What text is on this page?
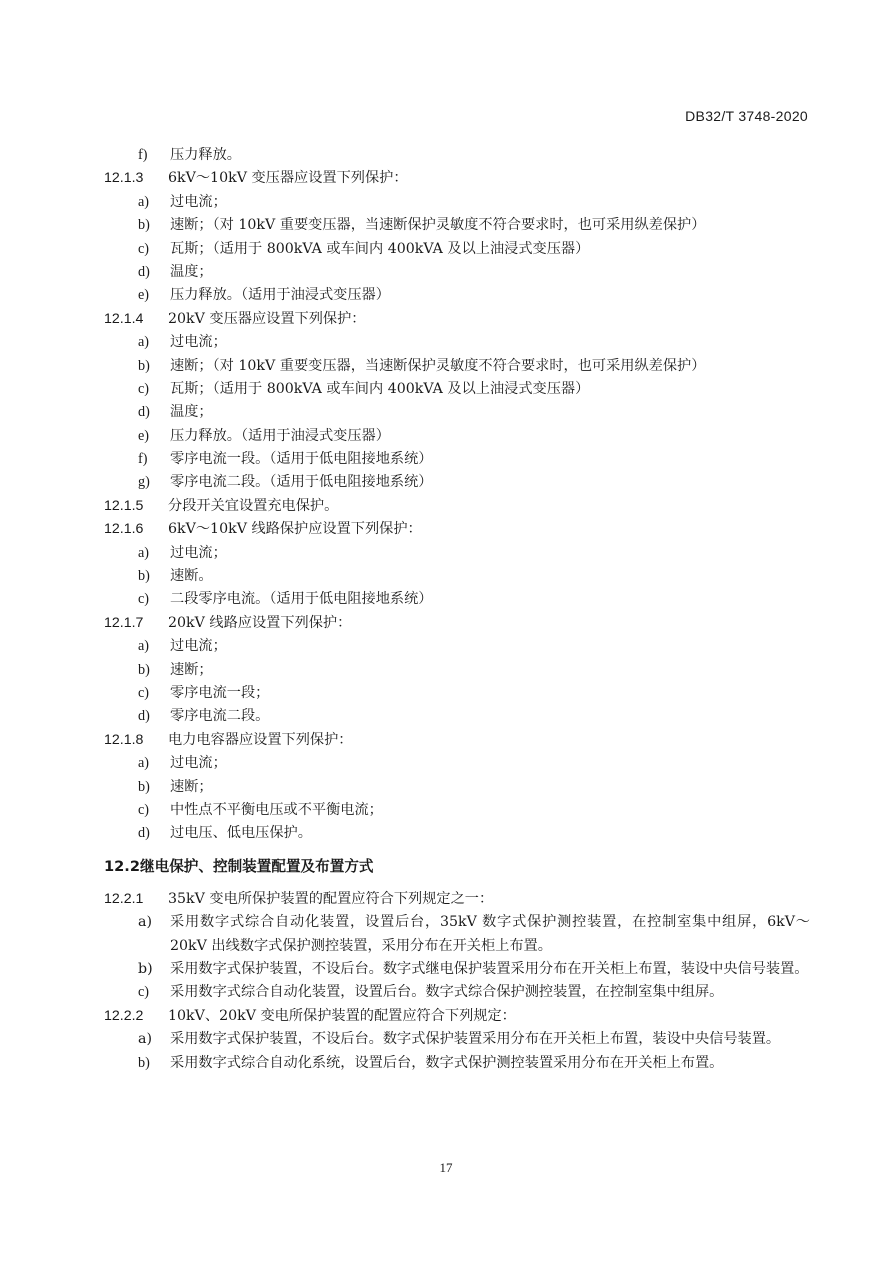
DB32/T 3748-2020
f) 压力释放。
12.1.3 6kV～10kV 变压器应设置下列保护：
a) 过电流；
b) 速断；（对 10kV 重要变压器，当速断保护灵敏度不符合要求时，也可采用纵差保护）
c) 瓦斯；（适用于 800kVA 或车间内 400kVA 及以上油浸式变压器）
d) 温度；
e) 压力释放。（适用于油浸式变压器）
12.1.4 20kV 变压器应设置下列保护：
a) 过电流；
b) 速断；（对 10kV 重要变压器，当速断保护灵敏度不符合要求时，也可采用纵差保护）
c) 瓦斯；（适用于 800kVA 或车间内 400kVA 及以上油浸式变压器）
d) 温度；
e) 压力释放。（适用于油浸式变压器）
f) 零序电流一段。（适用于低电阻接地系统）
g) 零序电流二段。（适用于低电阻接地系统）
12.1.5 分段开关宜设置充电保护。
12.1.6 6kV～10kV 线路保护应设置下列保护：
a) 过电流；
b) 速断。
c) 二段零序电流。（适用于低电阻接地系统）
12.1.7 20kV 线路应设置下列保护：
a) 过电流；
b) 速断；
c) 零序电流一段；
d) 零序电流二段。
12.1.8 电力电容器应设置下列保护：
a) 过电流；
b) 速断；
c) 中性点不平衡电压或不平衡电流；
d) 过电压、低电压保护。
12.2 继电保护、控制装置配置及布置方式
12.2.1 35kV 变电所保护装置的配置应符合下列规定之一：
a) 采用数字式综合自动化装置，设置后台，35kV 数字式保护测控装置，在控制室集中组屏，6kV～20kV 出线数字式保护测控装置，采用分布在开关柜上布置。
b) 采用数字式保护装置，不设后台。数字式继电保护装置采用分布在开关柜上布置，装设中央信号装置。
c) 采用数字式综合自动化装置，设置后台。数字式综合保护测控装置，在控制室集中组屏。
12.2.2 10kV、20kV 变电所保护装置的配置应符合下列规定：
a) 采用数字式保护装置，不设后台。数字式保护装置采用分布在开关柜上布置，装设中央信号装置。
b) 采用数字式综合自动化系统，设置后台，数字式保护测控装置采用分布在开关柜上布置。
17
